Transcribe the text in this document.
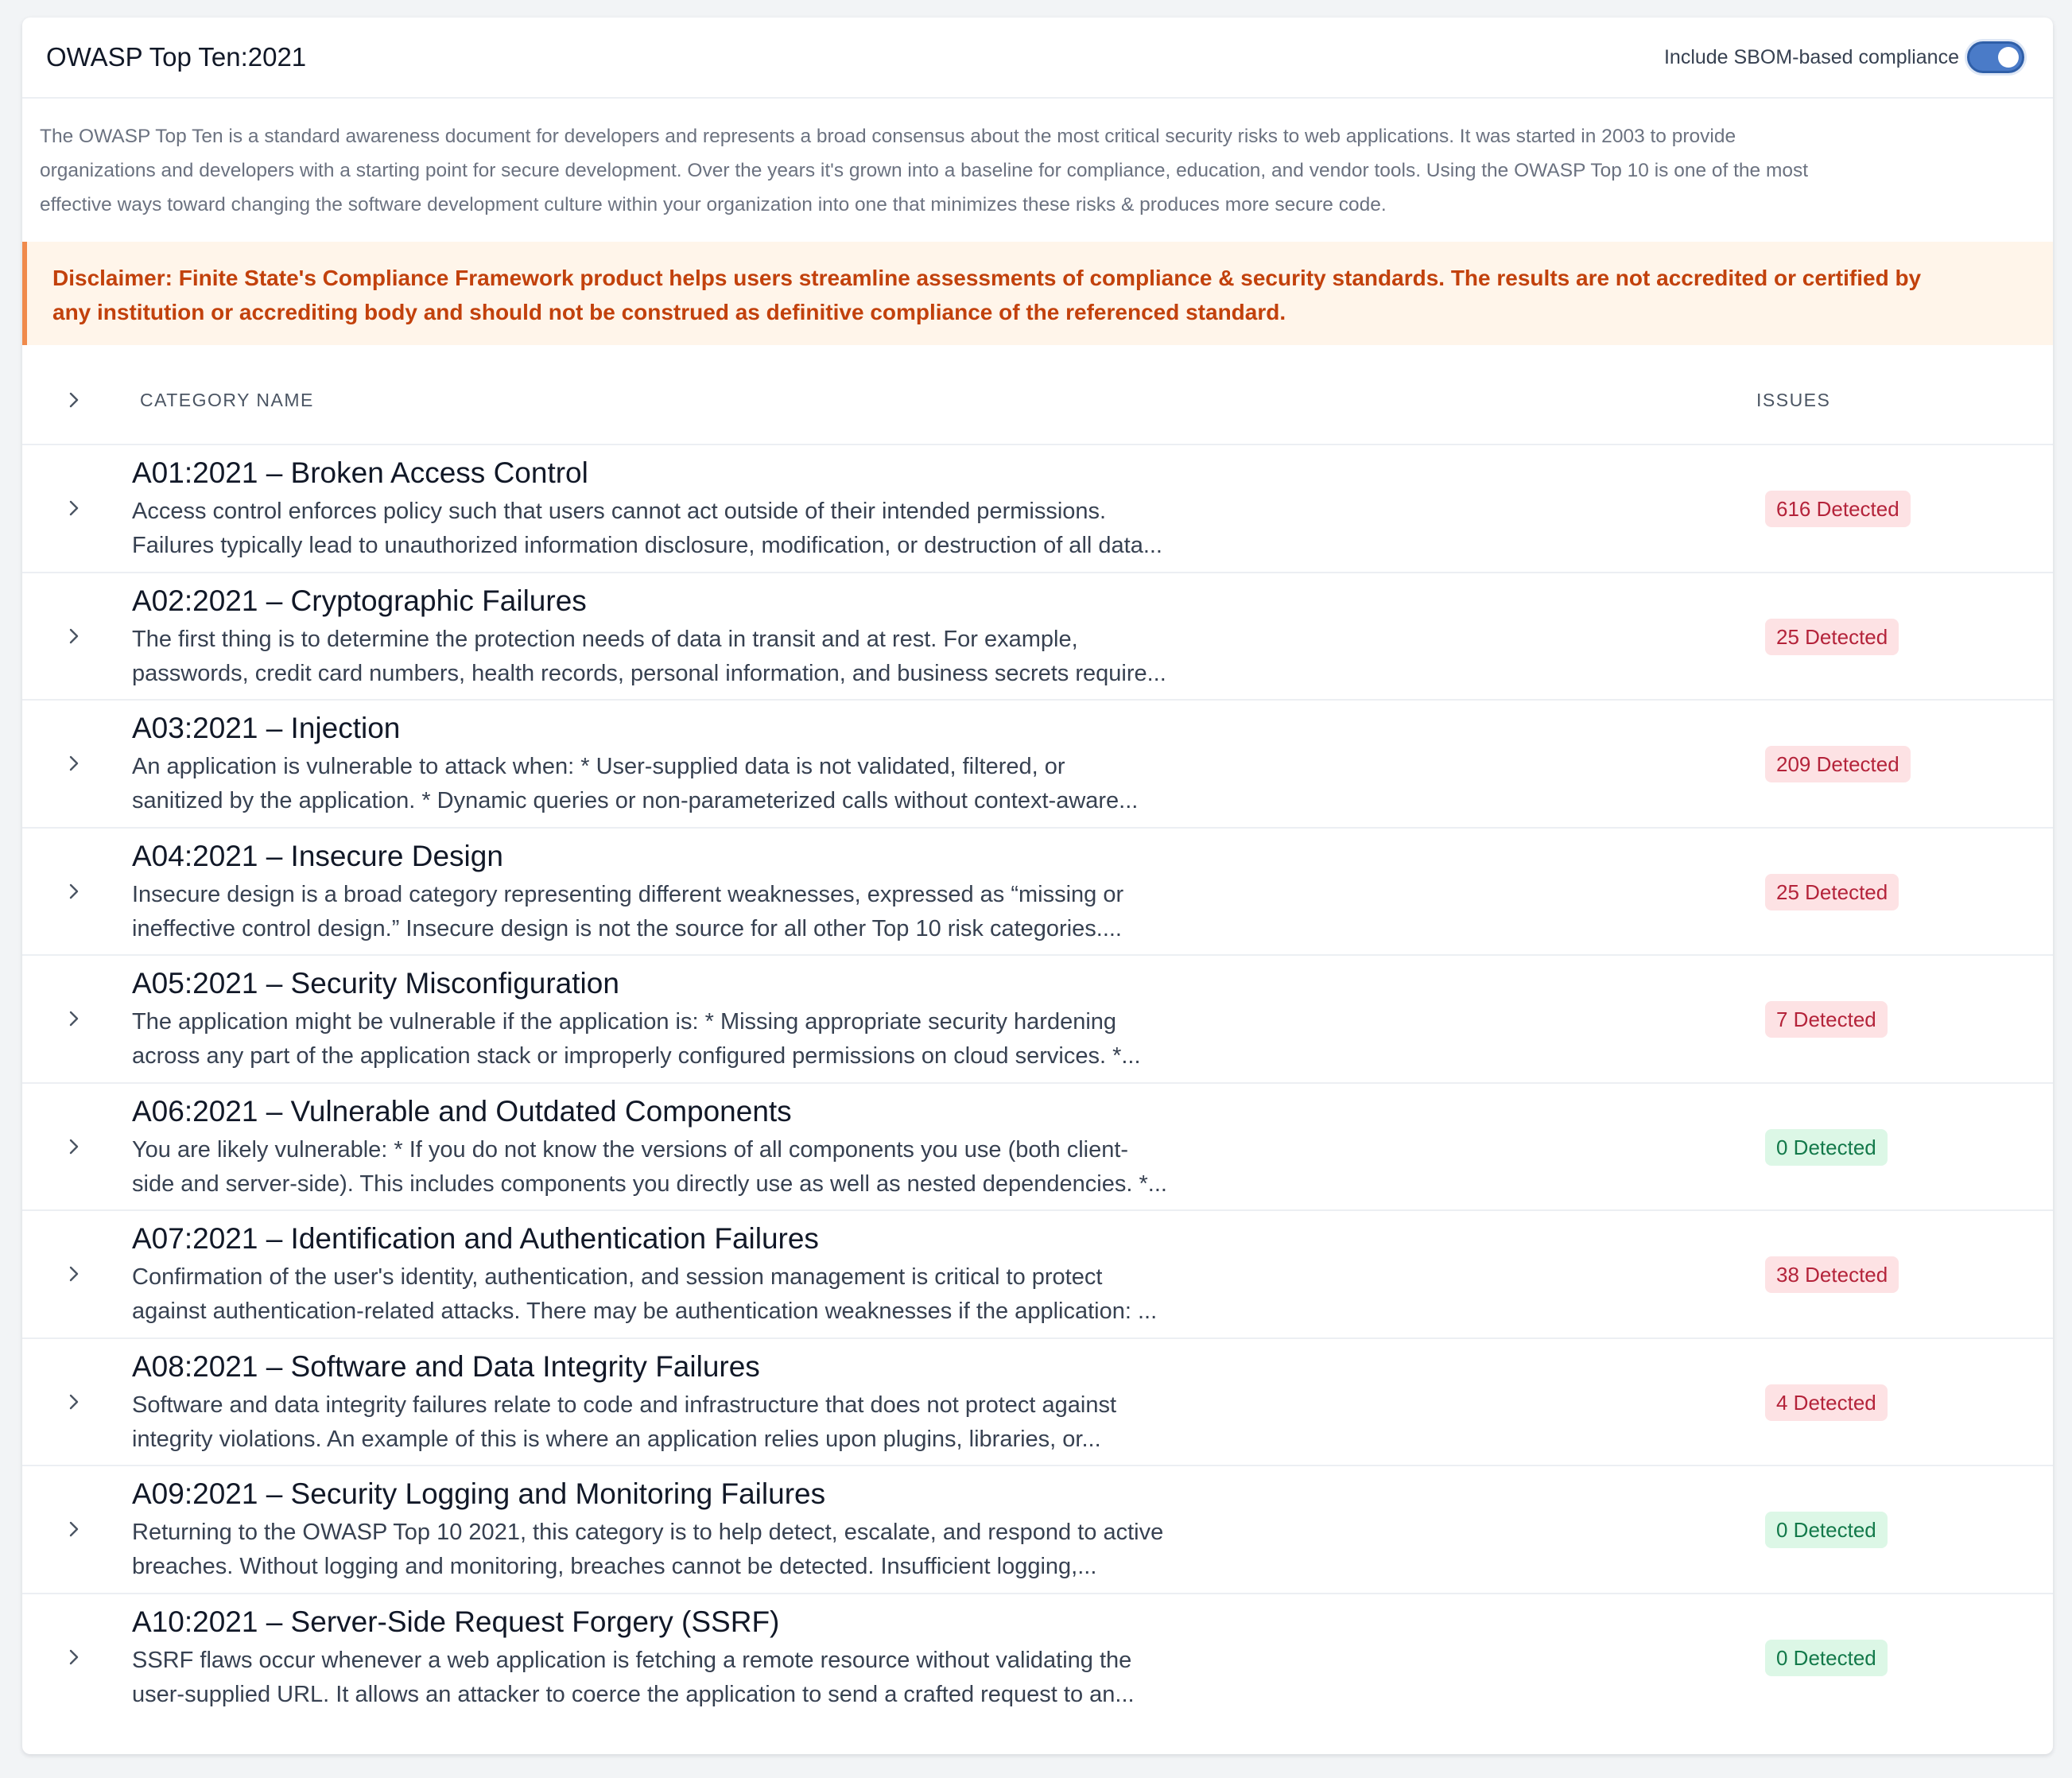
OWASP Top Ten:2021	Include SBOM-based compliance
The OWASP Top Ten is a standard awareness document for developers and represents a broad consensus about the most critical security risks to web applications. It was started in 2003 to provide
organizations and developers with a starting point for secure development. Over the years it's grown into a baseline for compliance, education, and vendor tools. Using the OWASP Top 10 is one of the most
effective ways toward changing the software development culture within your organization into one that minimizes these risks & produces more secure code.
Disclaimer: Finite State's Compliance Framework product helps users streamline assessments of compliance & security standards. The results are not accredited or certified by
any institution or accrediting body and should not be construed as definitive compliance of the referenced standard.
CATEGORY NAME	ISSUES
A01:2021 – Broken Access Control
Access control enforces policy such that users cannot act outside of their intended permissions.
Failures typically lead to unauthorized information disclosure, modification, or destruction of all data...
616 Detected
A02:2021 – Cryptographic Failures
The first thing is to determine the protection needs of data in transit and at rest. For example,
passwords, credit card numbers, health records, personal information, and business secrets require...
25 Detected
A03:2021 – Injection
An application is vulnerable to attack when: * User-supplied data is not validated, filtered, or
sanitized by the application. * Dynamic queries or non-parameterized calls without context-aware...
209 Detected
A04:2021 – Insecure Design
Insecure design is a broad category representing different weaknesses, expressed as “missing or
ineffective control design.” Insecure design is not the source for all other Top 10 risk categories....
25 Detected
A05:2021 – Security Misconfiguration
The application might be vulnerable if the application is: * Missing appropriate security hardening
across any part of the application stack or improperly configured permissions on cloud services. *...
7 Detected
A06:2021 – Vulnerable and Outdated Components
You are likely vulnerable: * If you do not know the versions of all components you use (both client-
side and server-side). This includes components you directly use as well as nested dependencies. *...
0 Detected
A07:2021 – Identification and Authentication Failures
Confirmation of the user's identity, authentication, and session management is critical to protect
against authentication-related attacks. There may be authentication weaknesses if the application: ...
38 Detected
A08:2021 – Software and Data Integrity Failures
Software and data integrity failures relate to code and infrastructure that does not protect against
integrity violations. An example of this is where an application relies upon plugins, libraries, or...
4 Detected
A09:2021 – Security Logging and Monitoring Failures
Returning to the OWASP Top 10 2021, this category is to help detect, escalate, and respond to active
breaches. Without logging and monitoring, breaches cannot be detected. Insufficient logging,...
0 Detected
A10:2021 – Server-Side Request Forgery (SSRF)
SSRF flaws occur whenever a web application is fetching a remote resource without validating the
user-supplied URL. It allows an attacker to coerce the application to send a crafted request to an...
0 Detected
